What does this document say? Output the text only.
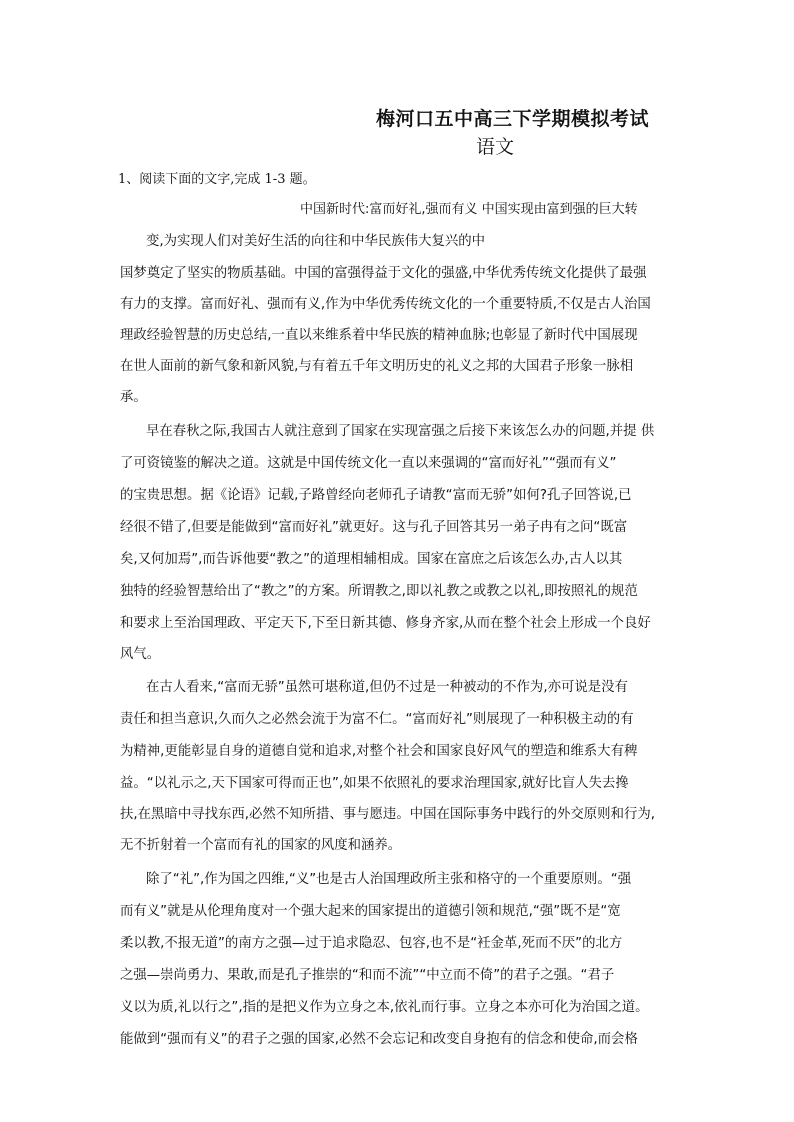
梅河口五中高三下学期模拟考试
语文
1、阅读下面的文字,完成 1-3 题。
中国新时代:富而好礼,强而有义 中国实现由富到强的巨大转
变,为实现人们对美好生活的向往和中华民族伟大复兴的中
国梦奠定了坚实的物质基础。中国的富强得益于文化的强盛,中华优秀传统文化提供了最强
有力的支撑。富而好礼、强而有义,作为中华优秀传统文化的一个重要特质,不仅是古人治国
理政经验智慧的历史总结,一直以来维系着中华民族的精神血脉;也彰显了新时代中国展现
在世人面前的新气象和新风貌,与有着五千年文明历史的礼义之邦的大国君子形象一脉相
承。
早在春秋之际,我国古人就注意到了国家在实现富强之后接下来该怎么办的问题,并提 供
了可资镜鉴的解决之道。这就是中国传统文化一直以来强调的“富而好礼”“强而有义”
的宝贵思想。据《论语》记载,子路曾经向老师孔子请教“富而无骄”如何?孔子回答说,已
经很不错了,但要是能做到“富而好礼”就更好。这与孔子回答其另一弟子冉有之问“既富
矣,又何加焉”,而告诉他要“教之”的道理相辅相成。国家在富庶之后该怎么办,古人以其
独特的经验智慧给出了“教之”的方案。所谓教之,即以礼教之或教之以礼,即按照礼的规范
和要求上至治国理政、平定天下,下至日新其德、修身齐家,从而在整个社会上形成一个良好
风气。
在古人看来,“富而无骄”虽然可堪称道,但仍不过是一种被动的不作为,亦可说是没有
责任和担当意识,久而久之必然会流于为富不仁。“富而好礼”则展现了一种积极主动的有
为精神,更能彰显自身的道德自觉和追求,对整个社会和国家良好风气的塑造和维系大有稗
益。“以礼示之,天下国家可得而正也”,如果不依照礼的要求治理国家,就好比盲人失去搀
扶,在黑暗中寻找东西,必然不知所措、事与愿违。中国在国际事务中践行的外交原则和行为,
无不折射着一个富而有礼的国家的风度和涵养。
除了“礼”,作为国之四维,“义”也是古人治国理政所主张和格守的一个重要原则。“强
而有义”就是从伦理角度对一个强大起来的国家提出的道德引领和规范,“强”既不是“宽
柔以教,不报无道”的南方之强—过于追求隐忍、包容,也不是“衽金革,死而不厌”的北方
之强—崇尚勇力、果敢,而是孔子推崇的“和而不流”“中立而不倚”的君子之强。“君子
义以为质,礼以行之”,指的是把义作为立身之本,依礼而行事。立身之本亦可化为治国之道。
能做到“强而有义”的君子之强的国家,必然不会忘记和改变自身抱有的信念和使命,而会格
